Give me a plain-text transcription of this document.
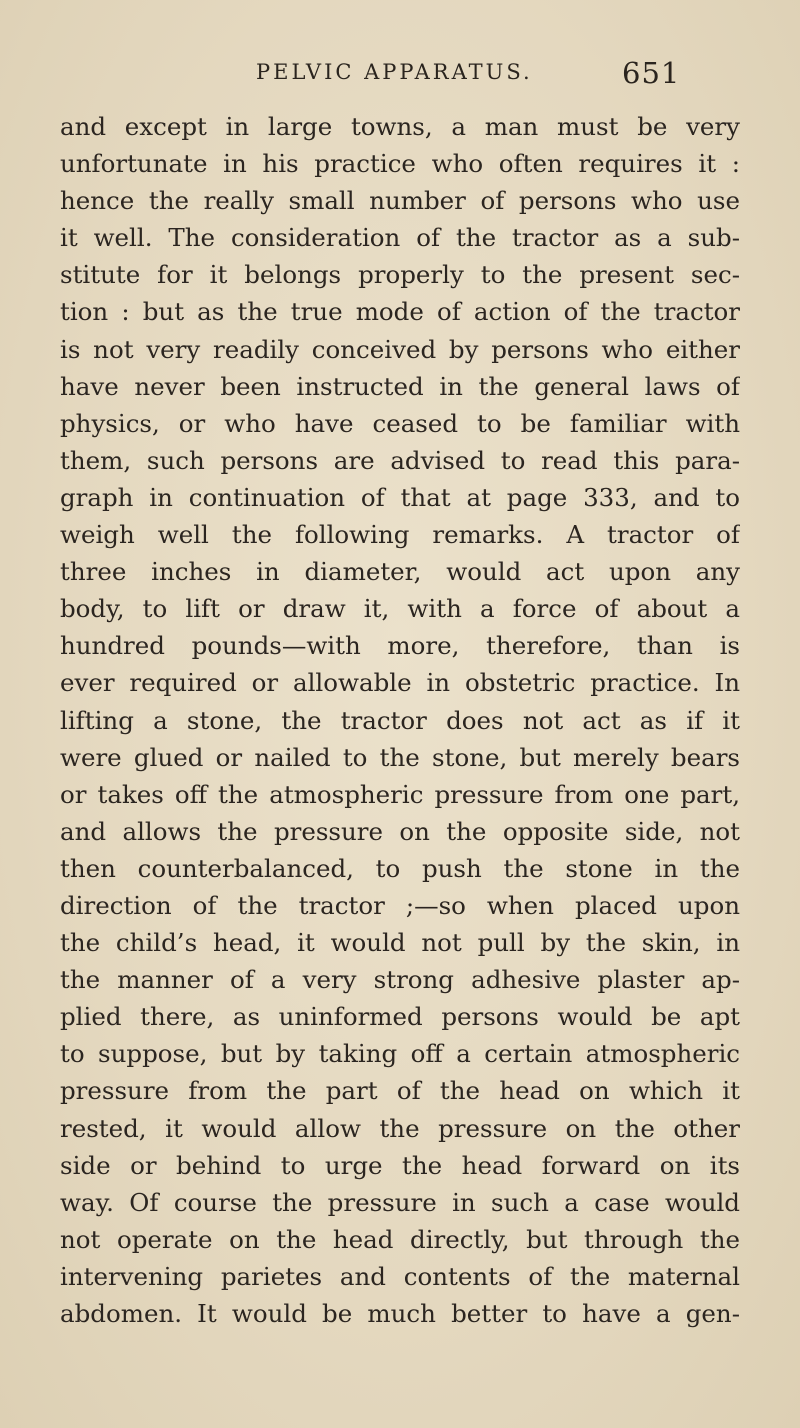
PELVIC APPARATUS.	651
and except in large towns, a man must be very
unfortunate in his practice who often requires it :
hence the really small number of persons who use
it well. The consideration of the tractor as a sub-
stitute for it belongs properly to the present sec-
tion : but as the true mode of action of the tractor
is not very readily conceived by persons who either
have never been instructed in the general laws of
physics, or who have ceased to be familiar with
them, such persons are advised to read this para-
graph in continuation of that at page 333, and to
weigh well the following remarks. A tractor of
three inches in diameter, would act upon any
body, to lift or draw it, with a force of about a
hundred pounds—with more, therefore, than is
ever required or allowable in obstetric practice. In
lifting a stone, the tractor does not act as if it
were glued or nailed to the stone, but merely bears
or takes off the atmospheric pressure from one part,
and allows the pressure on the opposite side, not
then counterbalanced, to push the stone in the
direction of the tractor ;—so when placed upon
the child’s head, it would not pull by the skin, in
the manner of a very strong adhesive plaster ap-
plied there, as uninformed persons would be apt
to suppose, but by taking off a certain atmospheric
pressure from the part of the head on which it
rested, it would allow the pressure on the other
side or behind to urge the head forward on its
way. Of course the pressure in such a case would
not operate on the head directly, but through the
intervening parietes and contents of the maternal
abdomen. It would be much better to have a gen-
